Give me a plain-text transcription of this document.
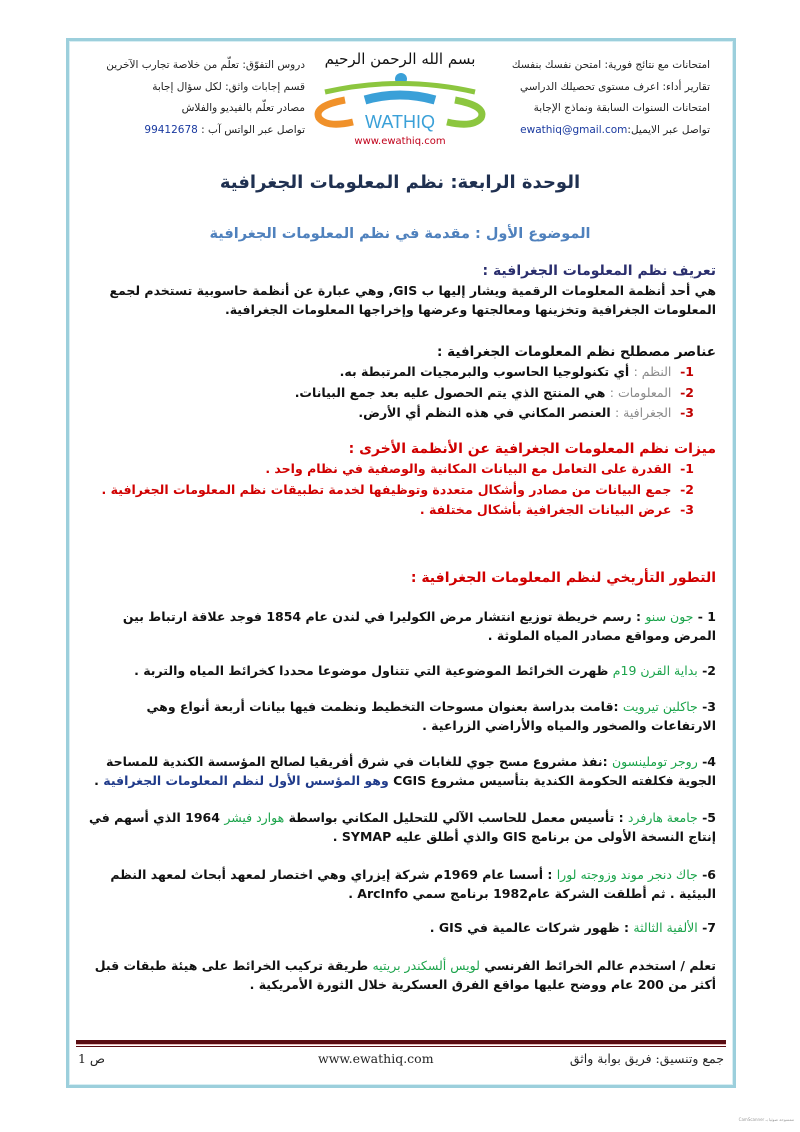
امتحانات مع نتائج فورية: امتحن نفسك بنفسك
تقارير أداء: اعرف مستوى تحصيلك الدراسي
امتحانات السنوات السابقة ونماذج الإجابة
تواصل عبر الايميل:ewathiq@gmail.com
دروس التفوّق: تعلّم من خلاصة تجارب الآخرين
قسم إجابات واثق: لكل سؤال إجابة
مصادر تعلّم بالفيديو والفلاش
تواصل عبر الواتس آب : 99412678
بسم الله الرحمن الرحيم
WATHIQ
www.ewathiq.com
الوحدة الرابعة: نظم المعلومات الجغرافية
الموضوع الأول : مقدمة في نظم المعلومات الجغرافية
تعريف نظم المعلومات الجغرافية :
هي أحد أنظمة المعلومات الرقمية ويشار إليها ب GIS, وهي عبارة عن أنظمة حاسوبية تستخدم لجمع المعلومات الجغرافية وتخزينها ومعالجتها وعرضها وإخراجها المعلومات الجغرافية.
عناصر مصطلح نظم المعلومات الجغرافية :
1-  النظم : أي تكنولوجيا الحاسوب والبرمجيات المرتبطة به.
2-  المعلومات : هي المنتج الذي يتم الحصول عليه بعد جمع البيانات.
3-  الجغرافية : العنصر المكاني في هذه النظم أي الأرض.
ميزات نظم المعلومات الجغرافية عن الأنظمة الأخرى :
1-  القدرة على التعامل مع البيانات المكانية والوصفية في نظام واحد .
2-  جمع البيانات من مصادر وأشكال متعددة وتوظيفها لخدمة تطبيقات نظم المعلومات الجغرافية .
3-  عرض البيانات الجغرافية بأشكال مختلفة .
التطور التأريخي لنظم المعلومات الجغرافية :
1 - جون سنو : رسم خريطة توزيع انتشار مرض الكوليرا في لندن عام 1854 فوجد علاقة ارتباط بين المرض ومواقع مصادر المياه الملوثة .
2- بداية القرن 19م ظهرت الخرائط الموضوعية التي تتناول موضوعا محددا كخرائط المياه والتربة .
3- جاكلين تيرويت :قامت بدراسة بعنوان مسوحات التخطيط ونظمت فيها بيانات أربعة أنواع وهي الارتفاعات والصخور والمياه والأراضي الزراعية .
4- روجر توملينسون :نفذ مشروع مسح جوي للغابات في شرق أفريقيا لصالح المؤسسة الكندية للمساحة الجوية فكلفته الحكومة الكندية بتأسيس مشروع CGIS وهو المؤسس الأول لنظم المعلومات الجغرافية .
5- جامعة هارفرد : تأسيس معمل للحاسب الآلي للتحليل المكاني بواسطة هوارد فيشر 1964 الذي أسهم في إنتاج النسخة الأولى من برنامج GIS والذي أطلق عليه SYMAP .
6- جاك دنجر موند وزوجته لورا : أسسا عام 1969م شركة إيزراي وهي اختصار لمعهد أبحاث لمعهد النظم البيئية . ثم أطلقت الشركة عام1982 برنامج سمي ArcInfo .
7- الألفية الثالثة : ظهور شركات عالمية في GIS .
تعلم / استخدم عالم الخرائط الفرنسي لويس ألسكندر بريتيه طريقة تركيب الخرائط على هيئة طبقات قبل أكثر من 200 عام ووضح عليها مواقع الفرق العسكرية خلال الثورة الأمريكية .
جمع وتنسيق: فريق بوابة واثق
www.ewathiq.com
ص 1
ممسوحة ضوئيا بـ CamScanner
